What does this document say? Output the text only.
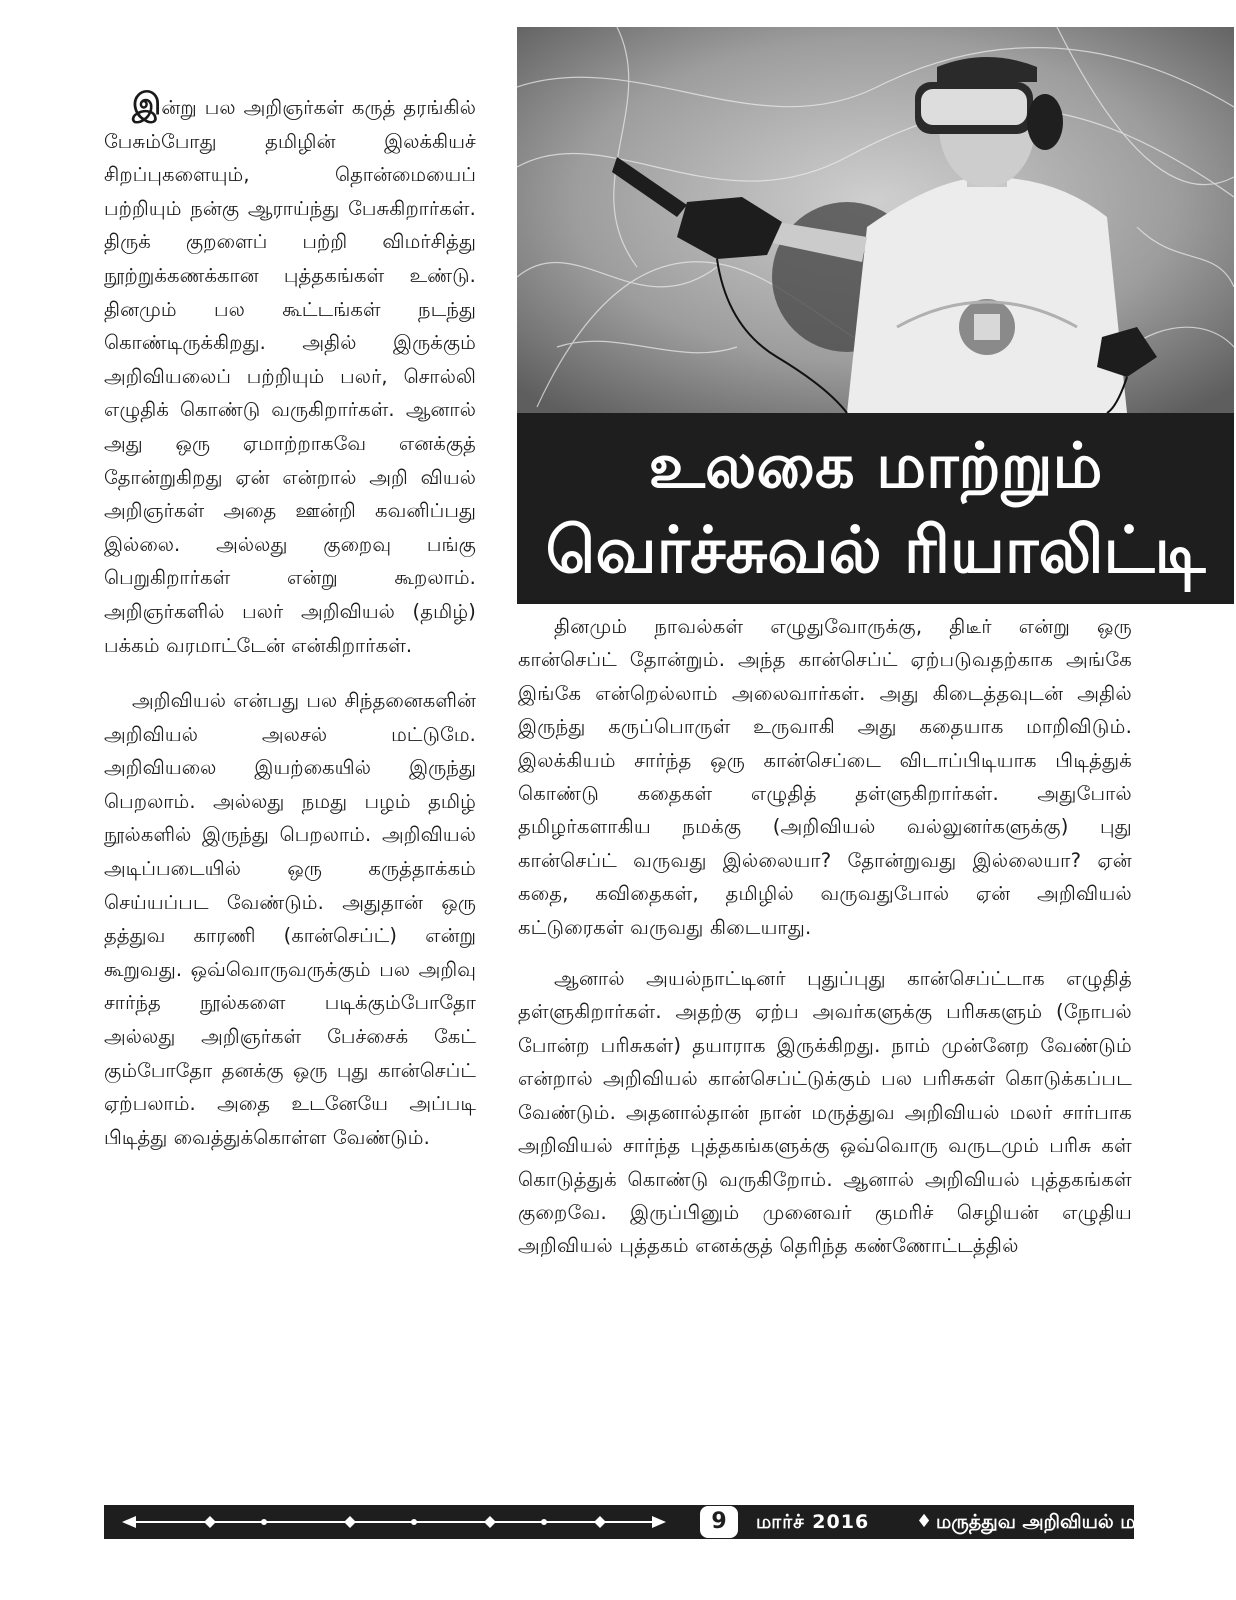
இன்று பல அறிஞர்கள் கருத் தரங்கில் பேசும்போது தமிழின் இலக்கியச் சிறப்புகளையும், தொன்மையைப் பற்றியும் நன்கு ஆராய்ந்து பேசுகிறார்கள். திருக் குறளைப் பற்றி விமர்சித்து நூற்றுக்கணக்கான புத்தகங்கள் உண்டு. தினமும் பல கூட்டங்கள் நடந்து கொண்டிருக்கிறது. அதில் இருக்கும் அறிவியலைப் பற்றியும் பலர், சொல்லி எழுதிக் கொண்டு வருகிறார்கள். ஆனால் அது ஒரு ஏமாற்றாகவே எனக்குத் தோன்றுகிறது ஏன் என்றால் அறி வியல் அறிஞர்கள் அதை ஊன்றி கவனிப்பது இல்லை. அல்லது குறைவு பங்கு பெறுகிறார்கள் என்று கூறலாம். அறிஞர்களில் பலர் அறிவியல் (தமிழ்) பக்கம் வரமாட்டேன் என்கிறார்கள்.

அறிவியல் என்பது பல சிந்தனைகளின் அறிவியல் அலசல் மட்டுமே. அறிவியலை இயற்கையில் இருந்து பெறலாம். அல்லது நமது பழம் தமிழ் நூல்களில் இருந்து பெறலாம். அறிவியல் அடிப்படையில் ஒரு கருத்தாக்கம் செய்யப்பட வேண்டும். அதுதான் ஒரு தத்துவ காரணி (கான்செப்ட்) என்று கூறுவது. ஒவ்வொருவருக்கும் பல அறிவு சார்ந்த நூல்களை படிக்கும்போதோ அல்லது அறிஞர்கள் பேச்சைக் கேட் கும்போதோ தனக்கு ஒரு புது கான்செப்ட் ஏற்பலாம். அதை உடனேயே அப்படி பிடித்து வைத்துக்கொள்ள வேண்டும்.

உலகை மாற்றும்
வெர்ச்சுவல் ரியாலிட்டி

தினமும் நாவல்கள் எழுதுவோருக்கு, திடீர் என்று ஒரு கான்செப்ட் தோன்றும். அந்த கான்செப்ட் ஏற்படுவதற்காக அங்கே இங்கே என்றெல்லாம் அலைவார்கள். அது கிடைத்தவுடன் அதில் இருந்து கருப்பொருள் உருவாகி அது கதையாக மாறிவிடும். இலக்கியம் சார்ந்த ஒரு கான்செப்டை விடாப்பிடியாக பிடித்துக் கொண்டு கதைகள் எழுதித் தள்ளுகிறார்கள். அதுபோல் தமிழர்களாகிய நமக்கு (அறிவியல் வல்லுனர்களுக்கு) புது கான்செப்ட் வருவது இல்லையா? தோன்றுவது இல்லையா? ஏன் கதை, கவிதைகள், தமிழில் வருவதுபோல் ஏன் அறிவியல் கட்டுரைகள் வருவது கிடையாது.

ஆனால் அயல்நாட்டினர் புதுப்புது கான்செப்ட்டாக எழுதித் தள்ளுகிறார்கள். அதற்கு ஏற்ப அவர்களுக்கு பரிசுகளும் (நோபல் போன்ற பரிசுகள்) தயாராக இருக்கிறது. நாம் முன்னேற வேண்டும் என்றால் அறிவியல் கான்செப்ட்டுக்கும் பல பரிசுகள் கொடுக்கப்பட வேண்டும். அதனால்தான் நான் மருத்துவ அறிவியல் மலர் சார்பாக அறிவியல் சார்ந்த புத்தகங்களுக்கு ஒவ்வொரு வருடமும் பரிசு கள் கொடுத்துக் கொண்டு வருகிறோம். ஆனால் அறிவியல் புத்தகங்கள் குறைவே. இருப்பினும் முனைவர் குமரிச் செழியன் எழுதிய அறிவியல் புத்தகம் எனக்குத் தெரிந்த கண்ணோட்டத்தில்

9	மார்ச் 2016	♦ மருத்துவ அறிவியல் மலர்
